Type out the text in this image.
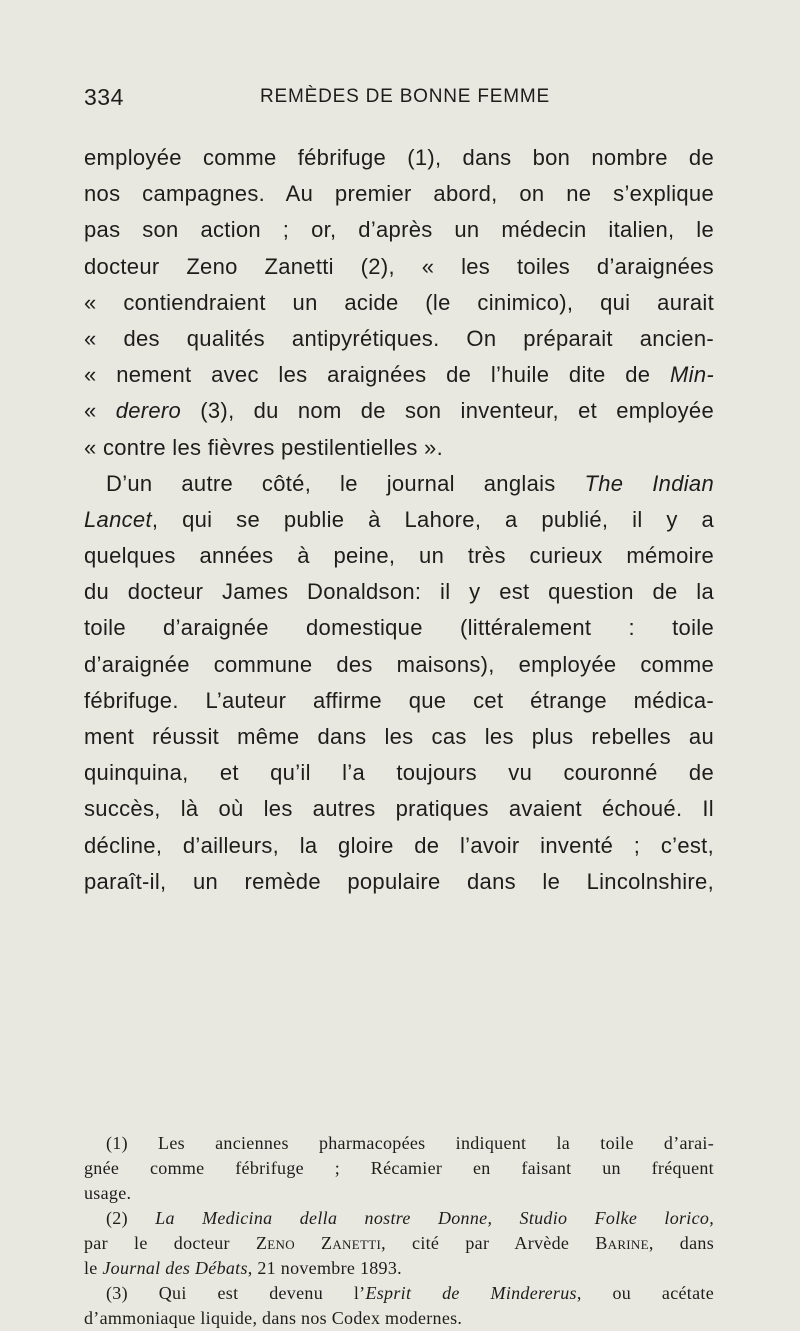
334	REMÈDES DE BONNE FEMME
employée comme fébrifuge (1), dans bon nombre de
nos campagnes. Au premier abord, on ne s’explique
pas son action ; or, d’après un médecin italien, le
docteur Zeno Zanetti (2), « les toiles d’araignées
« contiendraient un acide (le cinimico), qui aurait
« des qualités antipyrétiques. On préparait ancien-
« nement avec les araignées de l’huile dite de Min-
« derero (3), du nom de son inventeur, et employée
« contre les fièvres pestilentielles ».
D’un autre côté, le journal anglais The Indian
Lancet, qui se publie à Lahore, a publié, il y a
quelques années à peine, un très curieux mémoire
du docteur James Donaldson: il y est question de la
toile d’araignée domestique (littéralement : toile
d’araignée commune des maisons), employée comme
fébrifuge. L’auteur affirme que cet étrange médica-
ment réussit même dans les cas les plus rebelles au
quinquina, et qu’il l’a toujours vu couronné de
succès, là où les autres pratiques avaient échoué. Il
décline, d’ailleurs, la gloire de l’avoir inventé ; c’est,
paraît-il, un remède populaire dans le Lincolnshire,
(1) Les anciennes pharmacopées indiquent la toile d’arai-
gnée comme fébrifuge ; Récamier en faisant un fréquent
usage.
(2) La Medicina della nostre Donne, Studio Folke lorico,
par le docteur Zeno Zanetti, cité par Arvède Barine, dans
le Journal des Débats, 21 novembre 1893.
(3) Qui est devenu l’Esprit de Mindererus, ou acétate
d’ammoniaque liquide, dans nos Codex modernes.
